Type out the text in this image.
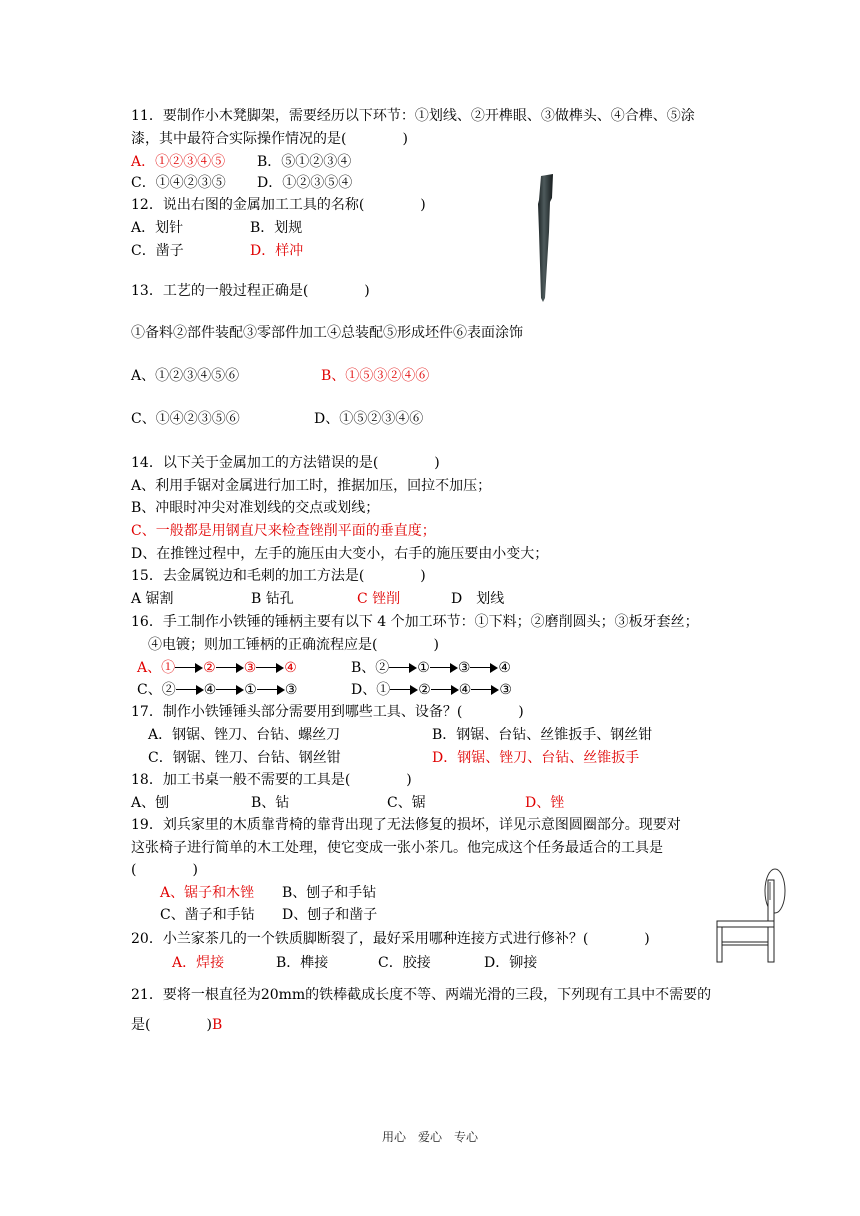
11．要制作小木凳脚架，需要经历以下环节：①划线、②开榫眼、③做榫头、④合榫、⑤涂
漆，其中最符合实际操作情况的是(　　　　)
A．①②③④⑤ B．⑤①②③④
C．①④②③⑤ D．①②③⑤④
12．说出右图的金属加工工具的名称(　　　　)
A．划针	B．划规
C．凿子	D．样冲
13．工艺的一般过程正确是(　　　　)
①备料②部件装配③零部件加工④总装配⑤形成坯件⑥表面涂饰
A、①②③④⑤⑥	B、①⑤③②④⑥
C、①④②③⑤⑥	D、①⑤②③④⑥
14．以下关于金属加工的方法错误的是(　　　　)
A、利用手锯对金属进行加工时，推据加压，回拉不加压；
B、冲眼时冲尖对准划线的交点或划线；
C、一般都是用钢直尺来检查锉削平面的垂直度；
D、在推锉过程中，左手的施压由大变小，右手的施压要由小变大；
15．去金属锐边和毛刺的加工方法是(　　　　)
A 锯割	B 钻孔	C 锉削	D　划线
16．手工制作小铁锤的锤柄主要有以下 4 个加工环节：①下料；②磨削圆头；③板牙套丝；
④电镀；则加工锤柄的正确流程应是(　　　　)
A、① ② ③ ④	B、② ① ③ ④
C、② ④ ① ③	D、① ② ④ ③
17．制作小铁锤锤头部分需要用到哪些工具、设备？(　　　　)
A．钢锯、锉刀、台钻、螺丝刀	B．钢锯、台钻、丝锥扳手、钢丝钳
C．钢锯、锉刀、台钻、钢丝钳	D．钢锯、锉刀、台钻、丝锥扳手
18．加工书桌一般不需要的工具是(　　　　)
A、刨	B、钻	C、锯	D、锉
19．刘兵家里的木质靠背椅的靠背出现了无法修复的损坏，详见示意图圆圈部分。现要对
这张椅子进行简单的木工处理，使它变成一张小茶几。他完成这个任务最适合的工具是
(　　　　)
A、锯子和木锉 B、刨子和手钻
C、凿子和手钻 D、刨子和凿子
20．小兰家茶几的一个铁质脚断裂了，最好采用哪种连接方式进行修补？(　　　　)
A．焊接	B．榫接	C．胶接	D．铆接
21．要将一根直径为20mm的铁棒截成长度不等、两端光滑的三段，下列现有工具中不需要的
是(　　　　)B
用心　爱心　专心
